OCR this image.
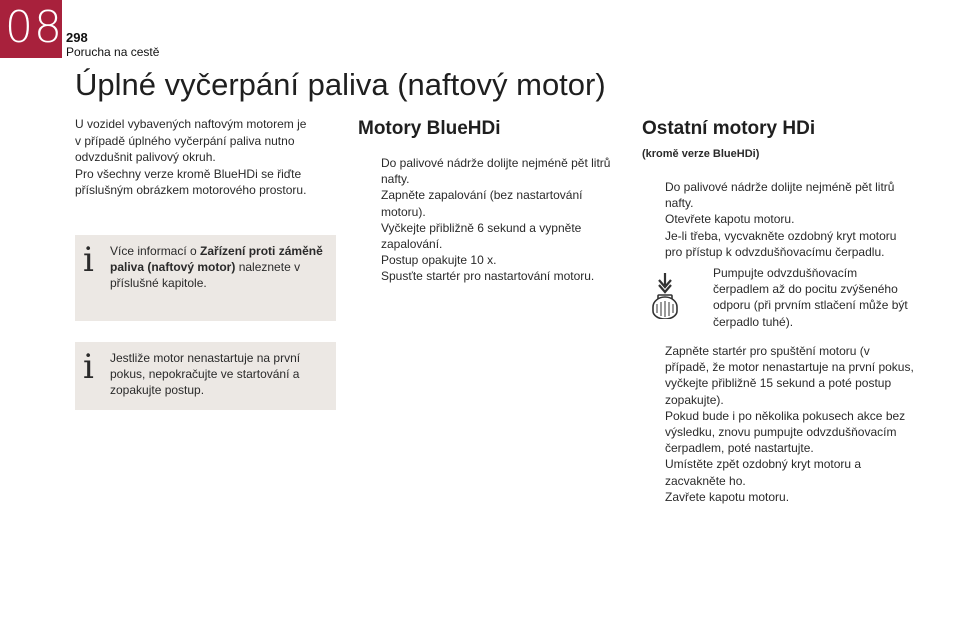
08 298
Porucha na cestě
Úplné vyčerpání paliva (naftový motor)
U vozidel vybavených naftovým motorem je
v případě úplného vyčerpání paliva nutno
odvzdušnit palivový okruh.
Pro všechny verze kromě BlueHDi se řiďte
příslušným obrázkem motorového prostoru.
i Více informací o Zařízení proti záměně paliva (naftový motor) naleznete v příslušné kapitole.
i Jestliže motor nenastartuje na první pokus, nepokračujte ve startování a zopakujte postup.
Motory BlueHDi
Do palivové nádrže dolijte nejméně pět litrů nafty.
Zapněte zapalování (bez nastartování motoru).
Vyčkejte přibližně 6 sekund a vypněte zapalování.
Postup opakujte 10 x.
Spusťte startér pro nastartování motoru.
Ostatní motory HDi
(kromě verze BlueHDi)
Do palivové nádrže dolijte nejméně pět litrů nafty.
Otevřete kapotu motoru.
Je-li třeba, vycvakněte ozdobný kryt motoru pro přístup k odvzdušňovacímu čerpadlu.
Pumpujte odvzdušňovacím čerpadlem až do pocitu zvýšeného odporu (při prvním stlačení může být čerpadlo tuhé).
Zapněte startér pro spuštění motoru (v případě, že motor nenastartuje na první pokus, vyčkejte přibližně 15 sekund a poté postup zopakujte).
Pokud bude i po několika pokusech akce bez výsledku, znovu pumpujte odvzdušňovacím čerpadlem, poté nastartujte.
Umístěte zpět ozdobný kryt motoru a zacvakněte ho.
Zavřete kapotu motoru.
